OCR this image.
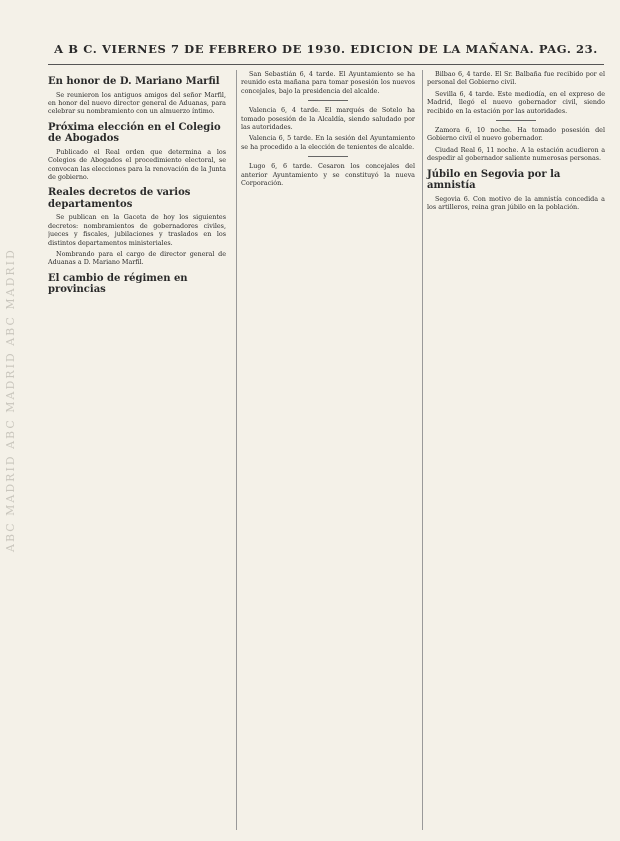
ABC MADRID ABC MADRID ABC MADRID
A B C. VIERNES 7 DE FEBRERO DE 1930. EDICION DE LA MAÑANA. PAG. 23.
En honor de D. Mariano Marfil
Se reunieron los antiguos amigos del señor Marfil, en honor del nuevo director general de Aduanas, para celebrar su nombramiento con un almuerzo íntimo.
Próxima elección en el Colegio de Abogados
Publicado el Real orden que determina a los Colegios de Abogados el procedimiento electoral, se convocan las elecciones para la renovación de la Junta de gobierno.
Reales decretos de varios departamentos
Se publican en la Gaceta de hoy los siguientes decretos: nombramientos de gobernadores civiles, jueces y fiscales, jubilaciones y traslados en los distintos departamentos ministeriales.
Nombrando para el cargo de director general de Aduanas a D. Mariano Marfil.
El cambio de régimen en provincias
San Sebastián 6, 4 tarde. El Ayuntamiento se ha reunido esta mañana para tomar posesión los nuevos concejales, bajo la presidencia del alcalde.
Valencia 6, 4 tarde. El marqués de Sotelo ha tomado posesión de la Alcaldía, siendo saludado por las autoridades.
Valencia 6, 5 tarde. En la sesión del Ayuntamiento se ha procedido a la elección de tenientes de alcalde.
Lugo 6, 6 tarde. Cesaron los concejales del anterior Ayuntamiento y se constituyó la nueva Corporación.
Bilbao 6, 4 tarde. El Sr. Balbaña fue recibido por el personal del Gobierno civil.
Sevilla 6, 4 tarde. Este mediodía, en el expreso de Madrid, llegó el nuevo gobernador civil, siendo recibido en la estación por las autoridades.
Zamora 6, 10 noche. Ha tomado posesión del Gobierno civil el nuevo gobernador.
Ciudad Real 6, 11 noche. A la estación acudieron a despedir al gobernador saliente numerosas personas.
Júbilo en Segovia por la amnistía
Segovia 6. Con motivo de la amnistía concedida a los artilleros, reina gran júbilo en la población.
